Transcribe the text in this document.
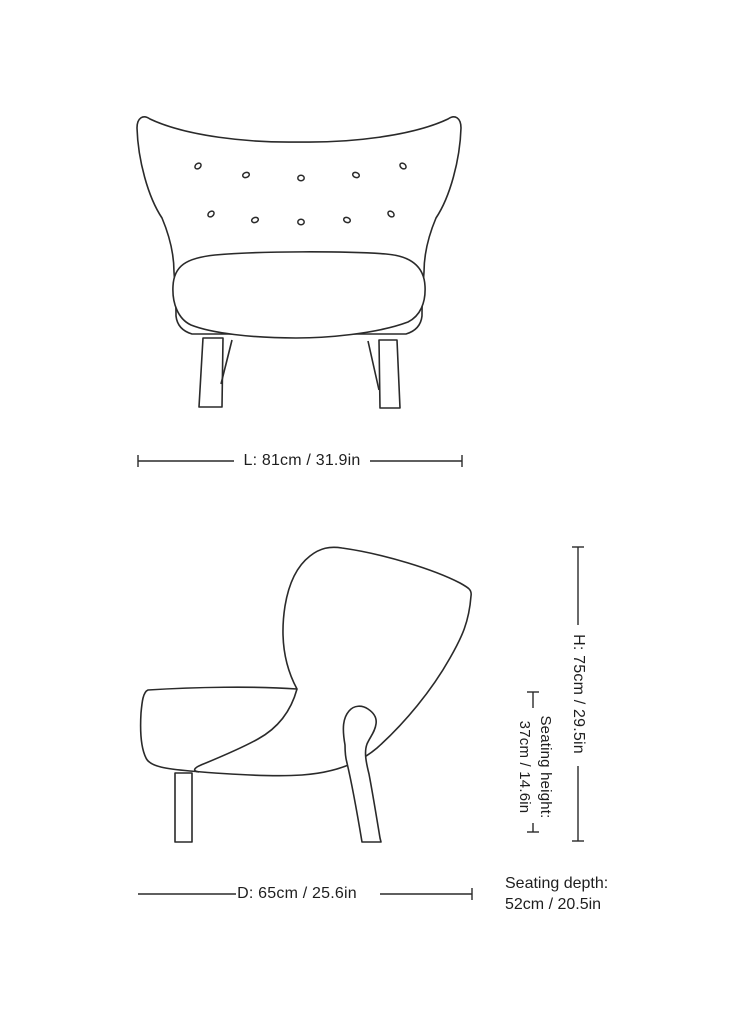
L: 81cm / 31.9in
D: 65cm / 25.6in
H: 75cm / 29.5in
Seating height:
37cm / 14.6in
Seating depth:
52cm / 20.5in
